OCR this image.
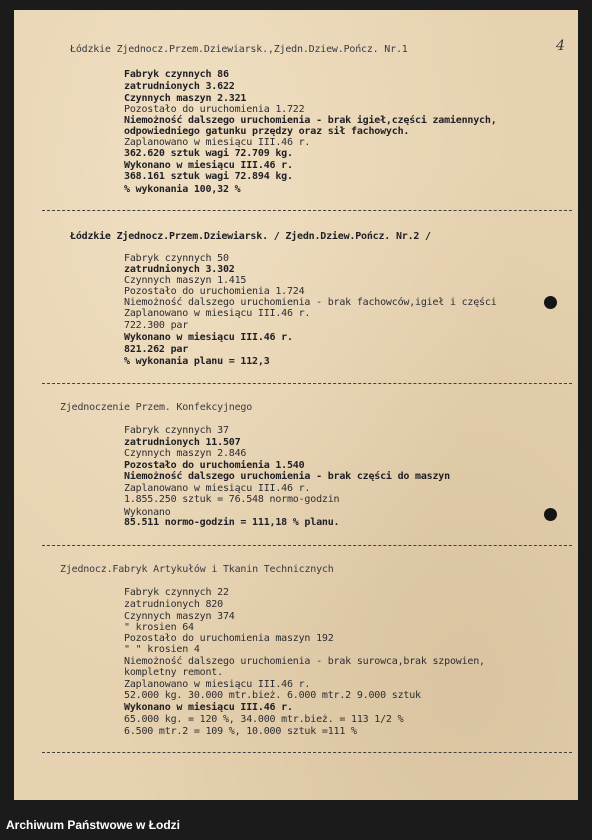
4
Łódzkie Zjednocz.Przem.Dziewiarsk.,Zjedn.Dziew.Pończ. Nr.1
Fabryk czynnych 86
zatrudnionych 3.622
Czynnych maszyn 2.321
Pozostało do uruchomienia 1.722
Niemożność dalszego uruchomienia - brak igieł,części zamiennych,
odpowiedniego gatunku przędzy oraz sił fachowych.
Zaplanowano w miesiącu III.46 r.
362.620 sztuk wagi 72.709 kg.
Wykonano w miesiącu III.46 r.
368.161 sztuk wagi 72.894 kg.
% wykonania 100,32 %
Łódzkie Zjednocz.Przem.Dziewiarsk. / Zjedn.Dziew.Pończ. Nr.2 /
Fabryk czynnych 50
zatrudnionych 3.302
Czynnych maszyn 1.415
Pozostało do uruchomienia 1.724
Niemożność dalszego uruchomienia - brak fachowców,igieł i części
Zaplanowano w miesiącu III.46 r.
722.300 par
Wykonano w miesiącu III.46 r.
821.262 par
% wykonania planu = 112,3
Zjednoczenie Przem. Konfekcyjnego
Fabryk czynnych 37
zatrudnionych 11.507
Czynnych maszyn 2.846
Pozostało do uruchomienia 1.540
Niemożność dalszego uruchomienia - brak części do maszyn
Zaplanowano w miesiącu III.46 r.
1.855.250 sztuk = 76.548 normo-godzin
Wykonano
85.511 normo-godzin = 111,18 % planu.
Zjednocz.Fabryk Artykułów i Tkanin Technicznych
Fabryk czynnych 22
zatrudnionych 820
Czynnych maszyn 374
" krosien 64
Pozostało do uruchomienia maszyn 192
" " krosien 4
Niemożność dalszego uruchomienia - brak surowca,brak szpowien,
kompletny remont.
Zaplanowano w miesiącu III.46 r.
52.000 kg. 30.000 mtr.bież. 6.000 mtr.2 9.000 sztuk
Wykonano w miesiącu III.46 r.
65.000 kg. = 120 %, 34.000 mtr.bież. = 113 1/2 %
6.500 mtr.2 = 109 %, 10.000 sztuk =111 %
Archiwum Państwowe w Łodzi
